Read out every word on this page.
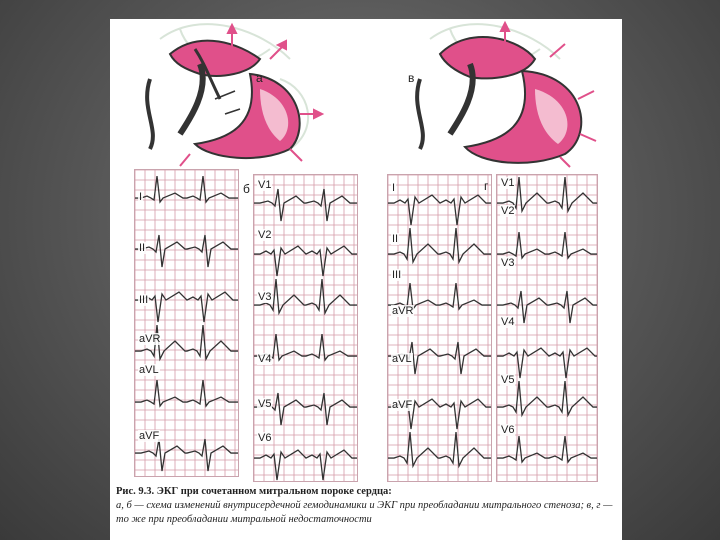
а	в
б	г
I
II
III
aVR
aVL
aVF
V1
V2
V3
V4
V5
V6
I
II
III
aVR
aVL
aVF
V1
V2
V3
V4
V5
V6
Рис. 9.3. ЭКГ при сочетанном митральном пороке сердца:
а, б — схема изменений внутрисердечной гемодинамики и ЭКГ при преобладании митрального стеноза; в, г — то же при преобладании митральной недостаточности
